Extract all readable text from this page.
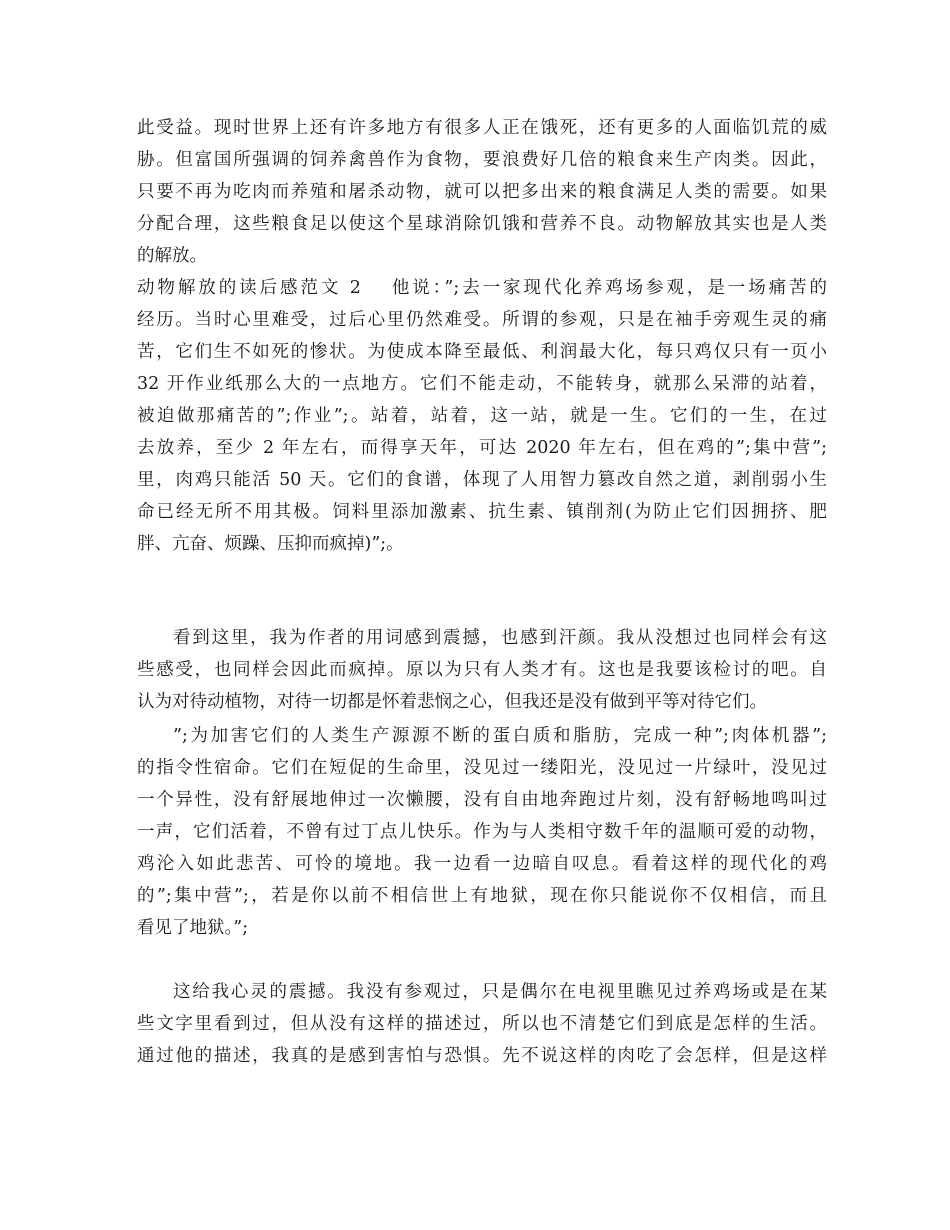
此受益。现时世界上还有许多地方有很多人正在饿死，还有更多的人面临饥荒的威
胁。但富国所强调的饲养禽兽作为食物，要浪费好几倍的粮食来生产肉类。因此，
只要不再为吃肉而养殖和屠杀动物，就可以把多出来的粮食满足人类的需要。如果
分配合理，这些粮食足以使这个星球消除饥饿和营养不良。动物解放其实也是人类
的解放。
动物解放的读后感范文 2 他说：”;去一家现代化养鸡场参观，是一场痛苦的
经历。当时心里难受，过后心里仍然难受。所谓的参观，只是在袖手旁观生灵的痛
苦，它们生不如死的惨状。为使成本降至最低、利润最大化，每只鸡仅只有一页小
32 开作业纸那么大的一点地方。它们不能走动，不能转身，就那么呆滞的站着，
被迫做那痛苦的”;作业”;。站着，站着，这一站，就是一生。它们的一生，在过
去放养，至少 2 年左右，而得享天年，可达 2020 年左右，但在鸡的”;集中营”;
里，肉鸡只能活 50 天。它们的食谱，体现了人用智力篡改自然之道，剥削弱小生
命已经无所不用其极。饲料里添加激素、抗生素、镇削剂(为防止它们因拥挤、肥
胖、亢奋、烦躁、压抑而疯掉)”;。
看到这里，我为作者的用词感到震撼，也感到汗颜。我从没想过也同样会有这
些感受，也同样会因此而疯掉。原以为只有人类才有。这也是我要该检讨的吧。自
认为对待动植物，对待一切都是怀着悲悯之心，但我还是没有做到平等对待它们。
”;为加害它们的人类生产源源不断的蛋白质和脂肪，完成一种”;肉体机器”;
的指令性宿命。它们在短促的生命里，没见过一缕阳光，没见过一片绿叶，没见过
一个异性，没有舒展地伸过一次懒腰，没有自由地奔跑过片刻，没有舒畅地鸣叫过
一声，它们活着，不曾有过丁点儿快乐。作为与人类相守数千年的温顺可爱的动物，
鸡沦入如此悲苦、可怜的境地。我一边看一边暗自叹息。看着这样的现代化的鸡
的”;集中营”;，若是你以前不相信世上有地狱，现在你只能说你不仅相信，而且
看见了地狱。”;
这给我心灵的震撼。我没有参观过，只是偶尔在电视里瞧见过养鸡场或是在某
些文字里看到过，但从没有这样的描述过，所以也不清楚它们到底是怎样的生活。
通过他的描述，我真的是感到害怕与恐惧。先不说这样的肉吃了会怎样，但是这样
